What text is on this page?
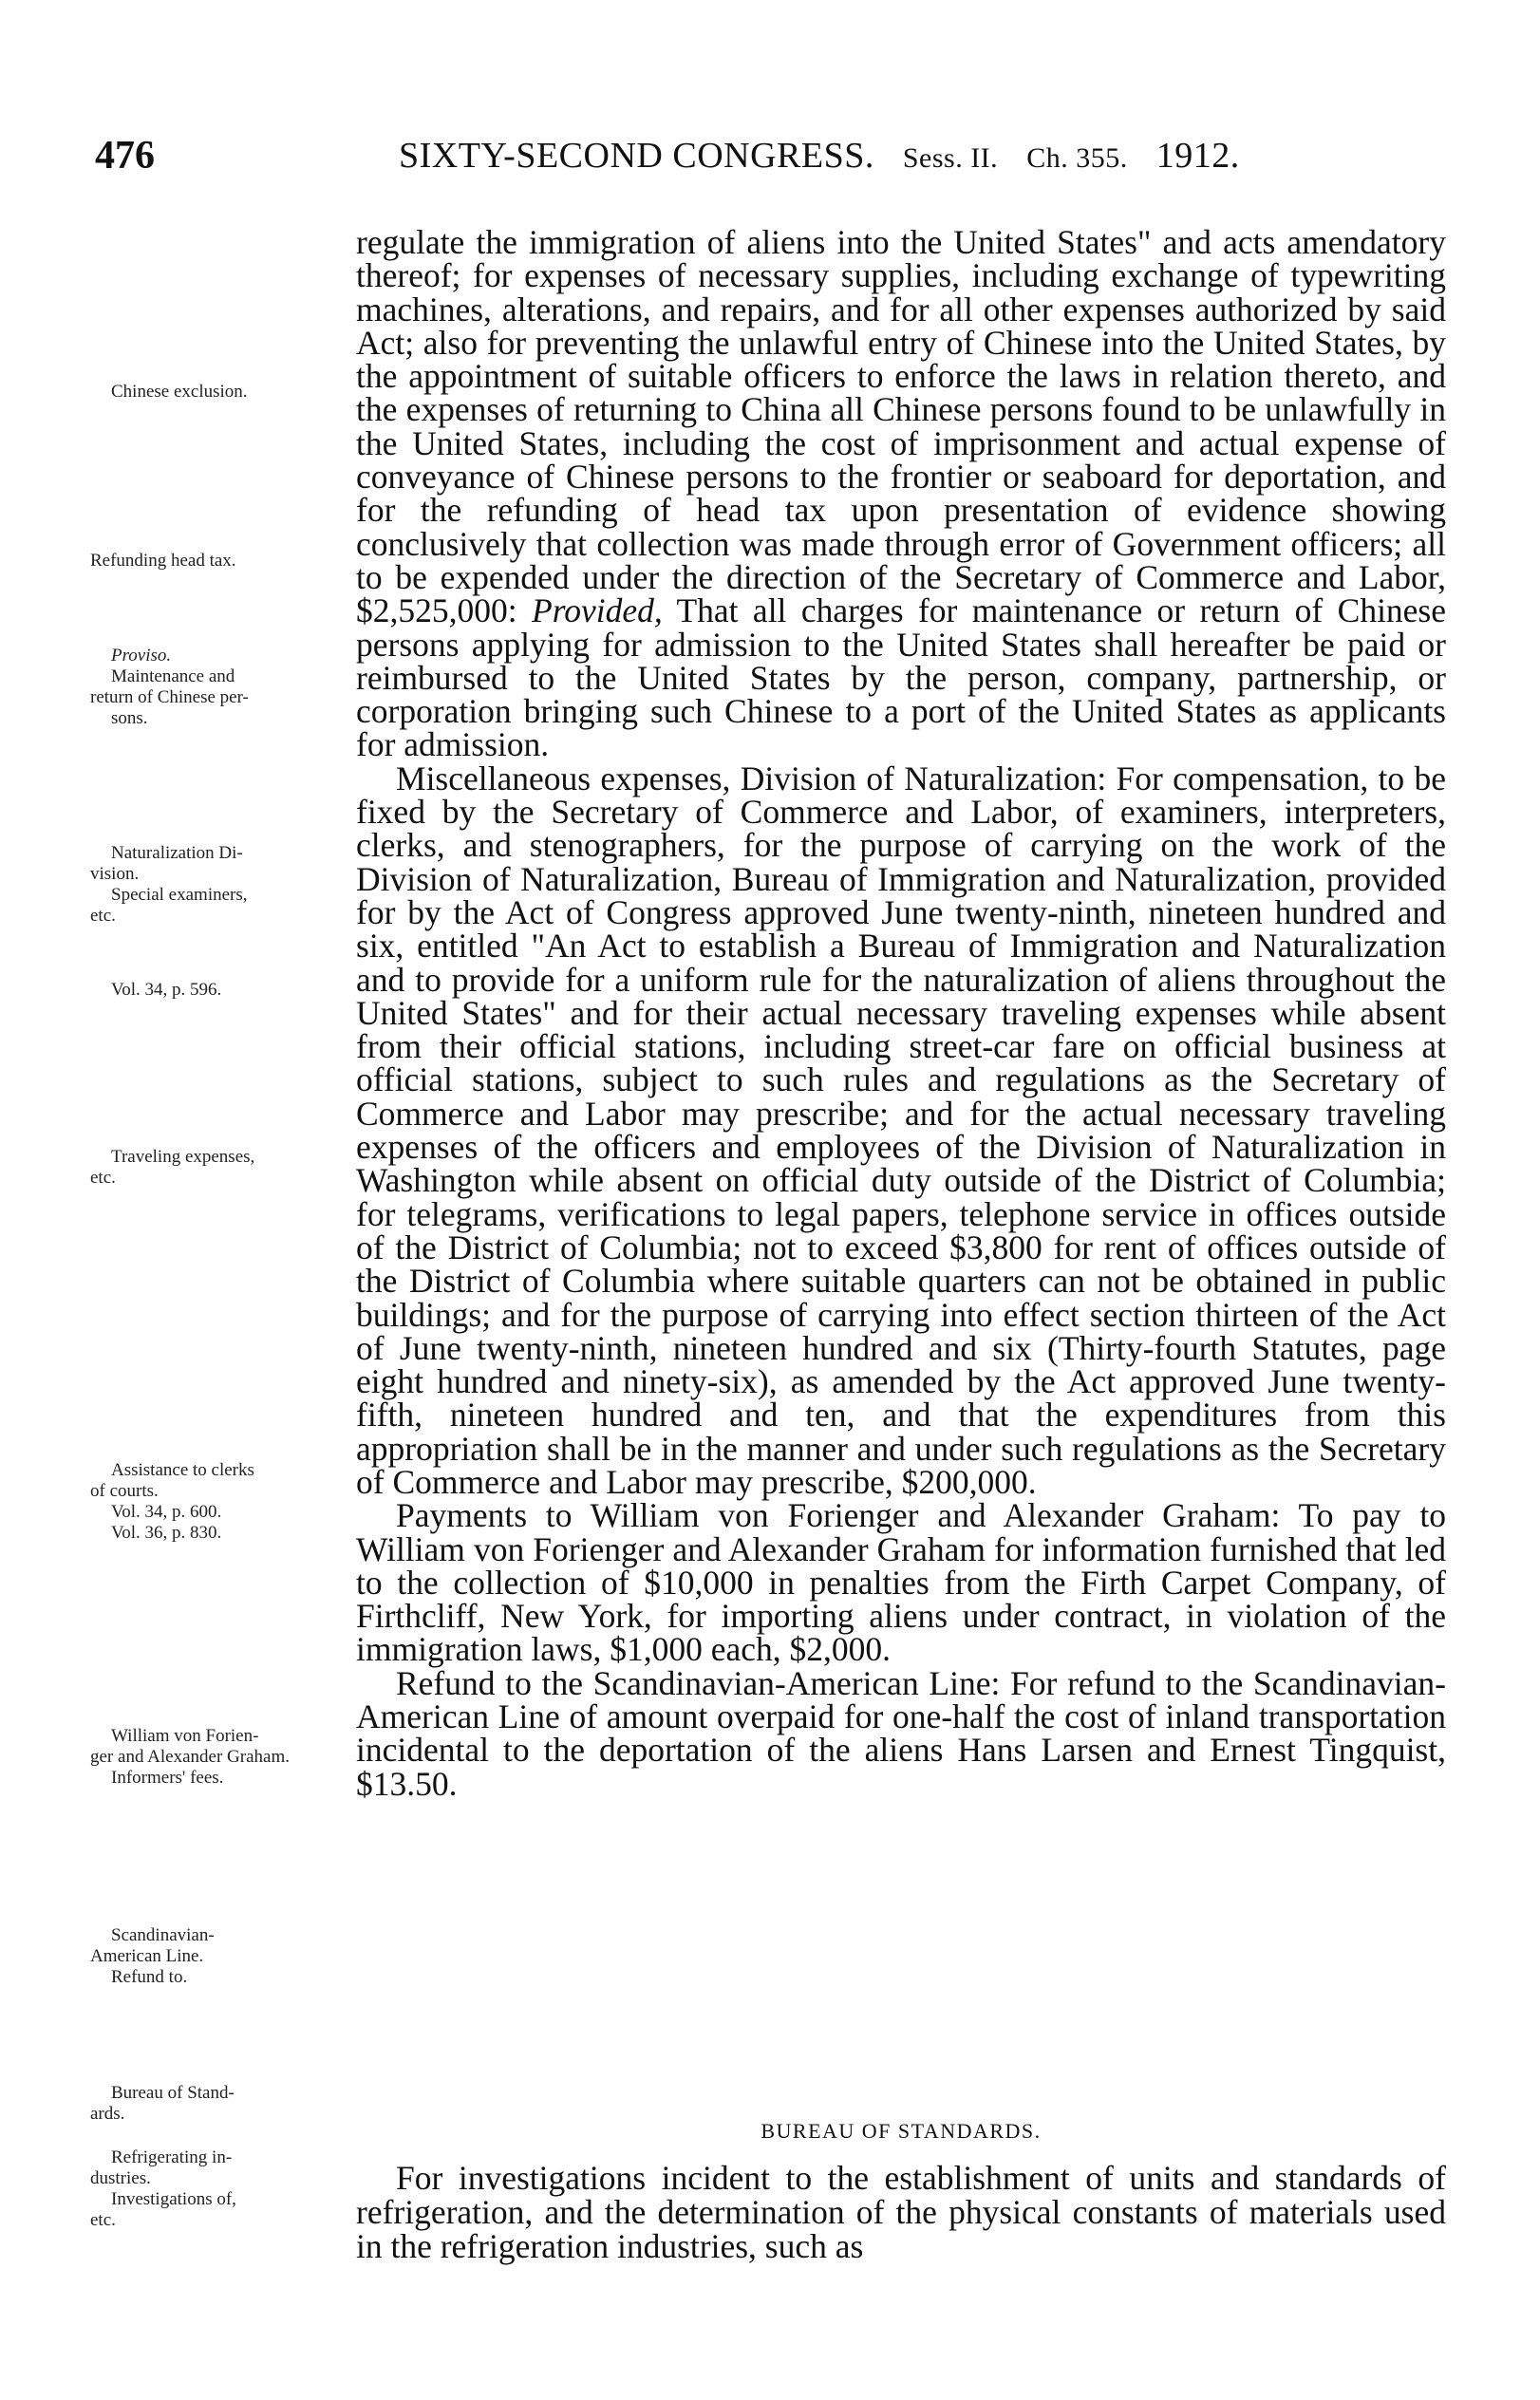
476	SIXTY-SECOND CONGRESS. Sess. II. Ch. 355. 1912.
Chinese exclusion.
Refunding head tax.
Proviso.
Maintenance and
return of Chinese per-
sons.
Naturalization Di-
vision.
Special examiners,
etc.
Vol. 34, p. 596.
Traveling expenses,
etc.
Assistance to clerks
of courts.
Vol. 34, p. 600.
Vol. 36, p. 830.
William von Forien-
ger and Alexander Graham.
Informers' fees.
Scandinavian-
American Line.
Refund to.
Bureau of Stand-
ards.
Refrigerating in-
dustries.
Investigations of,
etc.

regulate the immigration of aliens into the United States" and acts amendatory thereof; for expenses of necessary supplies, including exchange of typewriting machines, alterations, and repairs, and for all other expenses authorized by said Act; also for preventing the unlawful entry of Chinese into the United States, by the appointment of suitable officers to enforce the laws in relation thereto, and the expenses of returning to China all Chinese persons found to be unlawfully in the United States, including the cost of imprisonment and actual expense of conveyance of Chinese persons to the frontier or seaboard for deportation, and for the refunding of head tax upon presentation of evidence showing conclusively that collection was made through error of Government officers; all to be expended under the direction of the Secretary of Commerce and Labor, $2,525,000: Provided, That all charges for maintenance or return of Chinese persons applying for admission to the United States shall hereafter be paid or reimbursed to the United States by the person, company, partnership, or corporation bringing such Chinese to a port of the United States as applicants for admission.

Miscellaneous expenses, Division of Naturalization: For compensation, to be fixed by the Secretary of Commerce and Labor, of examiners, interpreters, clerks, and stenographers, for the purpose of carrying on the work of the Division of Naturalization, Bureau of Immigration and Naturalization, provided for by the Act of Congress approved June twenty-ninth, nineteen hundred and six, entitled "An Act to establish a Bureau of Immigration and Naturalization and to provide for a uniform rule for the naturalization of aliens throughout the United States" and for their actual necessary traveling expenses while absent from their official stations, including street-car fare on official business at official stations, subject to such rules and regulations as the Secretary of Commerce and Labor may prescribe; and for the actual necessary traveling expenses of the officers and employees of the Division of Naturalization in Washington while absent on official duty outside of the District of Columbia; for telegrams, verifications to legal papers, telephone service in offices outside of the District of Columbia; not to exceed $3,800 for rent of offices outside of the District of Columbia where suitable quarters can not be obtained in public buildings; and for the purpose of carrying into effect section thirteen of the Act of June twenty-ninth, nineteen hundred and six (Thirty-fourth Statutes, page eight hundred and ninety-six), as amended by the Act approved June twenty-fifth, nineteen hundred and ten, and that the expenditures from this appropriation shall be in the manner and under such regulations as the Secretary of Commerce and Labor may prescribe, $200,000.

Payments to William von Forienger and Alexander Graham: To pay to William von Forienger and Alexander Graham for information furnished that led to the collection of $10,000 in penalties from the Firth Carpet Company, of Firthcliff, New York, for importing aliens under contract, in violation of the immigration laws, $1,000 each, $2,000.

Refund to the Scandinavian-American Line: For refund to the Scandinavian-American Line of amount overpaid for one-half the cost of inland transportation incidental to the deportation of the aliens Hans Larsen and Ernest Tingquist, $13.50.

BUREAU OF STANDARDS.

For investigations incident to the establishment of units and standards of refrigeration, and the determination of the physical constants of materials used in the refrigeration industries, such as
